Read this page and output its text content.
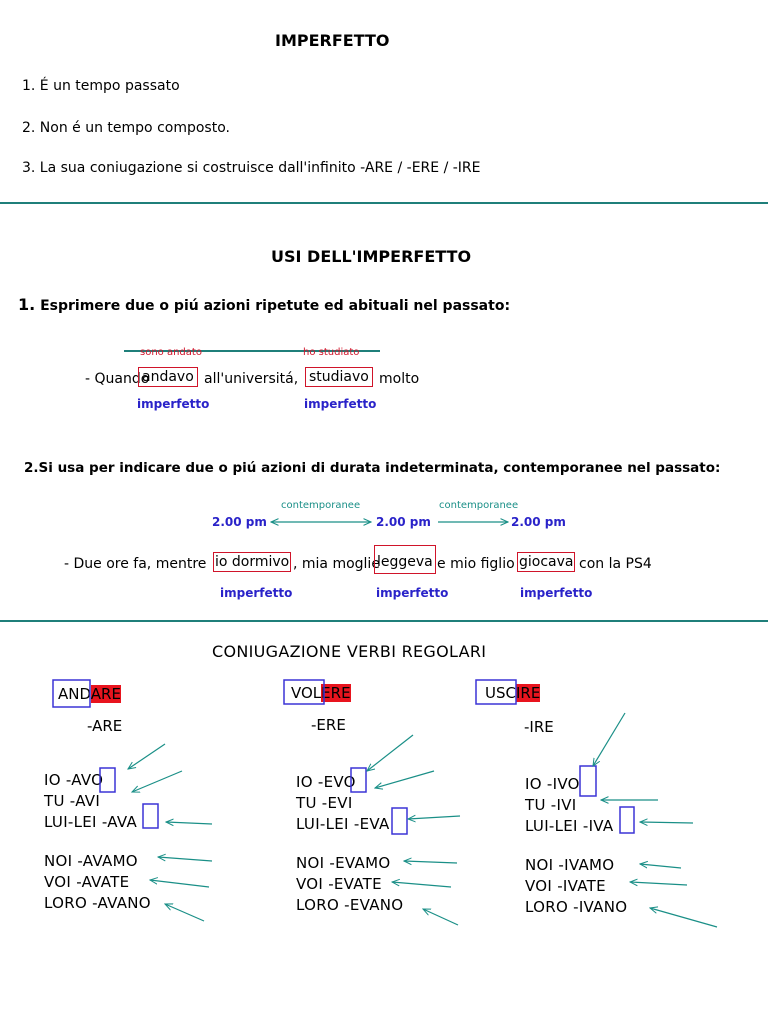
IMPERFETTO
1. É un tempo passato
2. Non é un tempo composto.
3. La sua coniugazione si costruisce dall'infinito -ARE / -ERE / -IRE
USI DELL'IMPERFETTO
1. Esprimere due o piú azioni ripetute ed abituali nel passato:
sono andato	ho studiato
- Quando
andavo all'universitá, studiavo molto
imperfetto	imperfetto
2.Si usa per indicare due o piú azioni di durata indeterminata, contemporanee nel passato:
contemporanee	contemporanee
2.00 pm	2.00 pm	2.00 pm
- Due ore fa, mentre io dormivo , mia moglie
leggeva e mio figlio giocava con la PS4
imperfetto	imperfetto	imperfetto
CONIUGAZIONE VERBI REGOLARI
ANDARE
-ARE
IO -AVO
TU -AVI
LUI-LEI -AVA
NOI -AVAMO
VOI -AVATE
LORO -AVANO
VOLERE
-ERE
IO -EVO
TU -EVI
LUI-LEI -EVA
NOI -EVAMO
VOI -EVATE
LORO -EVANO
USCIRE
-IRE
IO -IVO
TU -IVI
LUI-LEI -IVA
NOI -IVAMO
VOI -IVATE
LORO -IVANO
